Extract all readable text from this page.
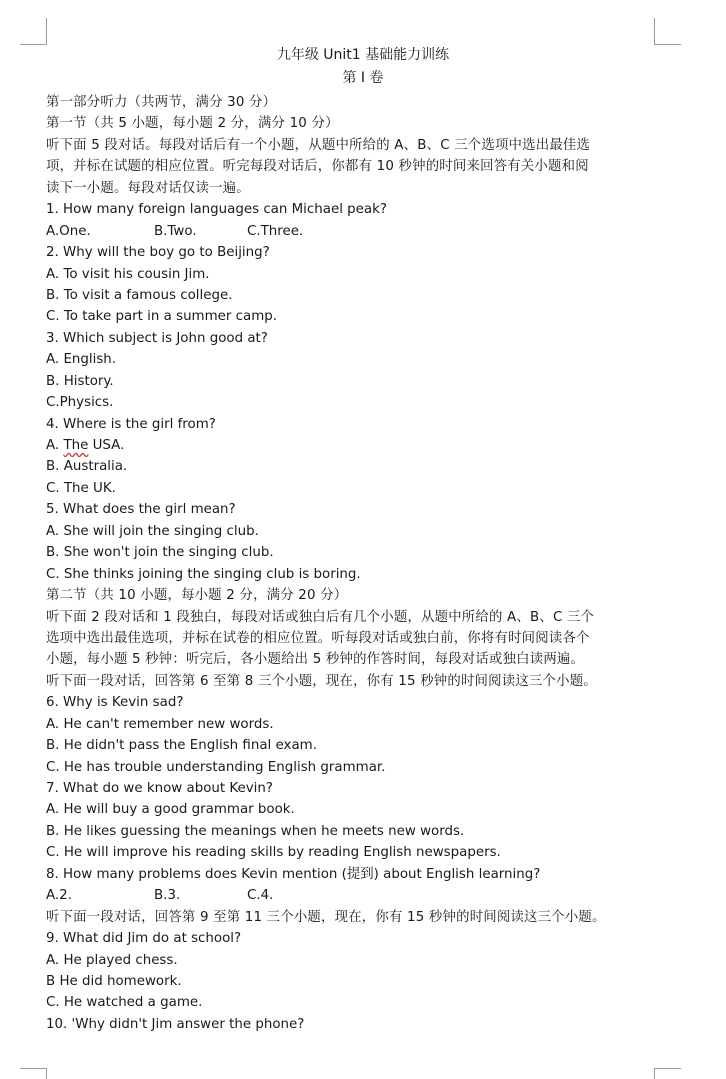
九年级 Unit1 基础能力训练
第 I 卷
第一部分听力（共两节，满分 30 分）
第一节（共 5 小题，每小题 2 分，满分 10 分）
听下面 5 段对话。每段对话后有一个小题，从题中所给的 A、B、C 三个选项中选出最佳选
项，并标在试题的相应位置。听完每段对话后，你都有 10 秒钟的时间来回答有关小题和阅
读下一小题。每段对话仅读一遍。
1. How many foreign languages can Michael peak?
A.One.	B.Two.	C.Three.
2. Why will the boy go to Beijing?
A. To visit his cousin Jim.
B. To visit a famous college.
C. To take part in a summer camp.
3. Which subject is John good at?
A. English.
B. History.
C.Physics.
4. Where is the girl from?
A. The USA.
B. Australia.
C. The UK.
5. What does the girl mean?
A. She will join the singing club.
B. She won't join the singing club.
C. She thinks joining the singing club is boring.
第二节（共 10 小题，每小题 2 分，满分 20 分）
听下面 2 段对话和 1 段独白，每段对话或独白后有几个小题，从题中所给的 A、B、C 三个
选项中选出最佳选项，并标在试卷的相应位置。听每段对话或独白前，你将有时间阅读各个
小题，每小题 5 秒钟：听完后，各小题给出 5 秒钟的作答时间，每段对话或独白读两遍。
听下面一段对话，回答第 6 至第 8 三个小题，现在，你有 15 秒钟的时间阅读这三个小题。
6. Why is Kevin sad?
A. He can't remember new words.
B. He didn't pass the English final exam.
C. He has trouble understanding English grammar.
7. What do we know about Kevin?
A. He will buy a good grammar book.
B. He likes guessing the meanings when he meets new words.
C. He will improve his reading skills by reading English newspapers.
8. How many problems does Kevin mention (提到) about English learning?
A.2.	B.3.	C.4.
听下面一段对话，回答第 9 至第 11 三个小题，现在，你有 15 秒钟的时间阅读这三个小题。
9. What did Jim do at school?
A. He played chess.
B He did homework.
C. He watched a game.
10. 'Why didn't Jim answer the phone?
